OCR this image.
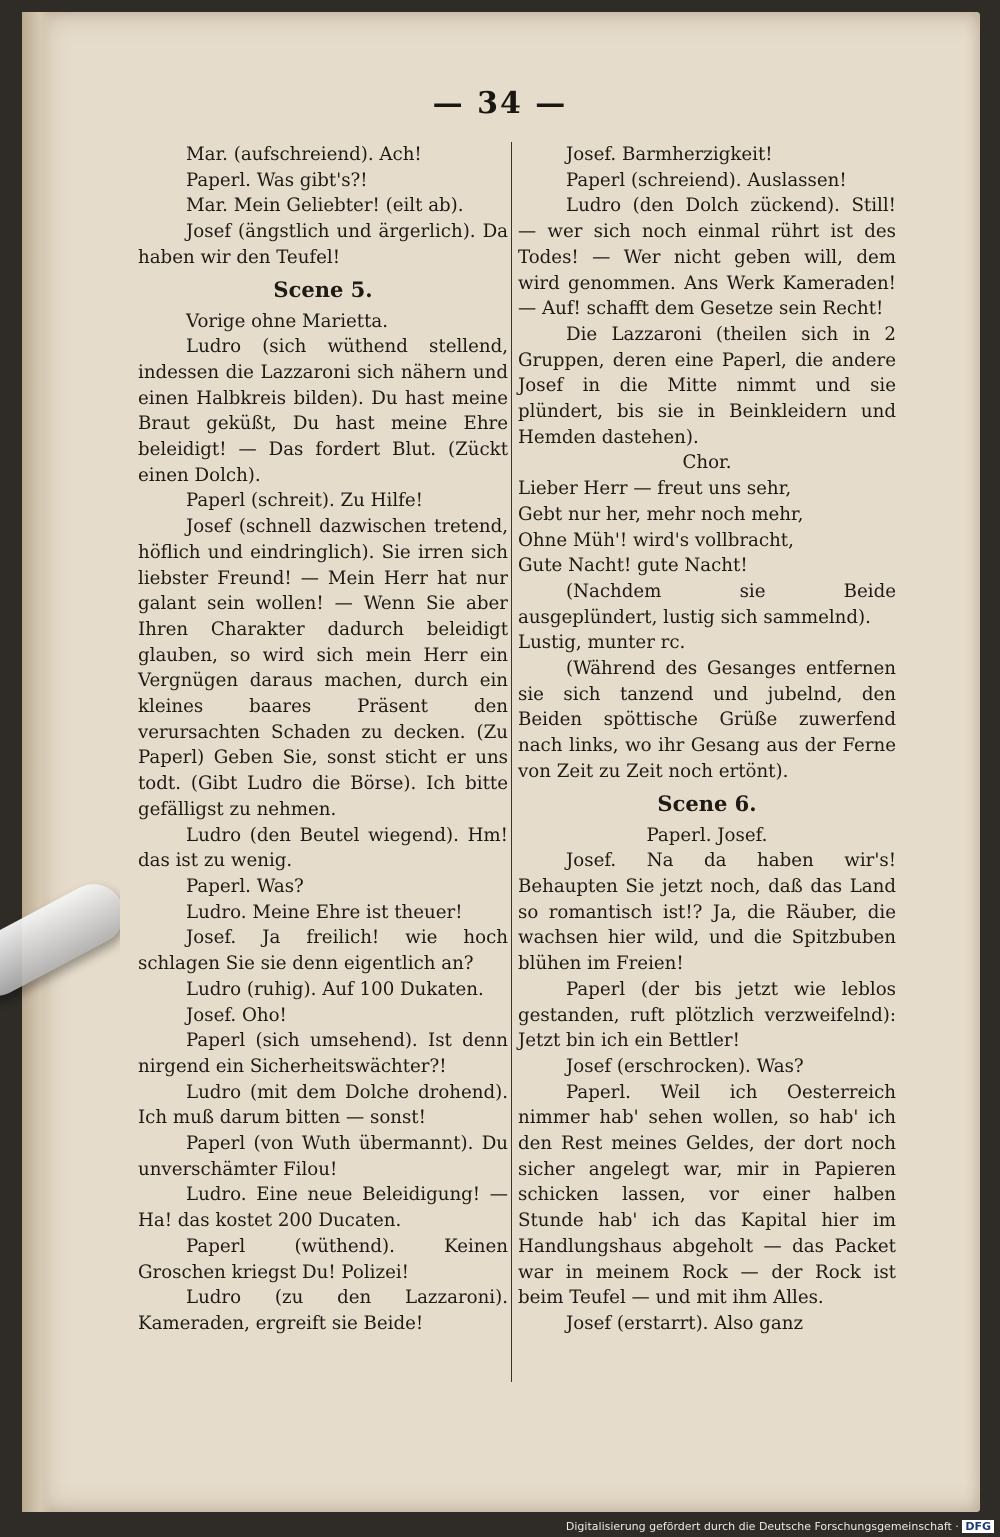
— 34 —

Mar. (aufschreiend). Ach!

Paperl. Was gibt's?!

Mar. Mein Geliebter! (eilt ab).

Josef (ängstlich und ärgerlich). Da haben wir den Teufel!

Scene 5.

Vorige ohne Marietta.

Ludro (sich wüthend stellend, indessen die Lazzaroni sich nähern und einen Halbkreis bilden). Du hast meine Braut geküßt, Du hast meine Ehre beleidigt! — Das fordert Blut. (Zückt einen Dolch).

Paperl (schreit). Zu Hilfe!

Josef (schnell dazwischen tretend, höflich und eindringlich). Sie irren sich liebster Freund! — Mein Herr hat nur galant sein wollen! — Wenn Sie aber Ihren Charakter dadurch beleidigt glauben, so wird sich mein Herr ein Vergnügen daraus machen, durch ein kleines baares Präsent den verursachten Schaden zu decken. (Zu Paperl) Geben Sie, sonst sticht er uns todt. (Gibt Ludro die Börse). Ich bitte gefälligst zu nehmen.

Ludro (den Beutel wiegend). Hm! das ist zu wenig.

Paperl. Was?

Ludro. Meine Ehre ist theuer!

Josef. Ja freilich! wie hoch schlagen Sie sie denn eigentlich an?

Ludro (ruhig). Auf 100 Dukaten.

Josef. Oho!

Paperl (sich umsehend). Ist denn nirgend ein Sicherheitswächter?!

Ludro (mit dem Dolche drohend). Ich muß darum bitten — sonst!

Paperl (von Wuth übermannt). Du unverschämter Filou!

Ludro. Eine neue Beleidigung! — Ha! das kostet 200 Ducaten.

Paperl (wüthend). Keinen Groschen kriegst Du! Polizei!

Ludro (zu den Lazzaroni). Kameraden, ergreift sie Beide!

Josef. Barmherzigkeit!

Paperl (schreiend). Auslassen!

Ludro (den Dolch zückend). Still! — wer sich noch einmal rührt ist des Todes! — Wer nicht geben will, dem wird genommen. Ans Werk Kameraden! — Auf! schafft dem Gesetze sein Recht!

Die Lazzaroni (theilen sich in 2 Gruppen, deren eine Paperl, die andere Josef in die Mitte nimmt und sie plündert, bis sie in Beinkleidern und Hemden dastehen).

Chor.

Lieber Herr — freut uns sehr,

Gebt nur her, mehr noch mehr,

Ohne Müh'! wird's vollbracht,

Gute Nacht! gute Nacht!

(Nachdem sie Beide ausgeplündert, lustig sich sammelnd).

Lustig, munter rc.

(Während des Gesanges entfernen sie sich tanzend und jubelnd, den Beiden spöttische Grüße zuwerfend nach links, wo ihr Gesang aus der Ferne von Zeit zu Zeit noch ertönt).

Scene 6.

Paperl. Josef.

Josef. Na da haben wir's! Behaupten Sie jetzt noch, daß das Land so romantisch ist!? Ja, die Räuber, die wachsen hier wild, und die Spitzbuben blühen im Freien!

Paperl (der bis jetzt wie leblos gestanden, ruft plötzlich verzweifelnd): Jetzt bin ich ein Bettler!

Josef (erschrocken). Was?

Paperl. Weil ich Oesterreich nimmer hab' sehen wollen, so hab' ich den Rest meines Geldes, der dort noch sicher angelegt war, mir in Papieren schicken lassen, vor einer halben Stunde hab' ich das Kapital hier im Handlungshaus abgeholt — das Packet war in meinem Rock — der Rock ist beim Teufel — und mit ihm Alles.

Josef (erstarrt). Also ganz

Digitalisierung gefördert durch die Deutsche Forschungsgemeinschaft · DFG
